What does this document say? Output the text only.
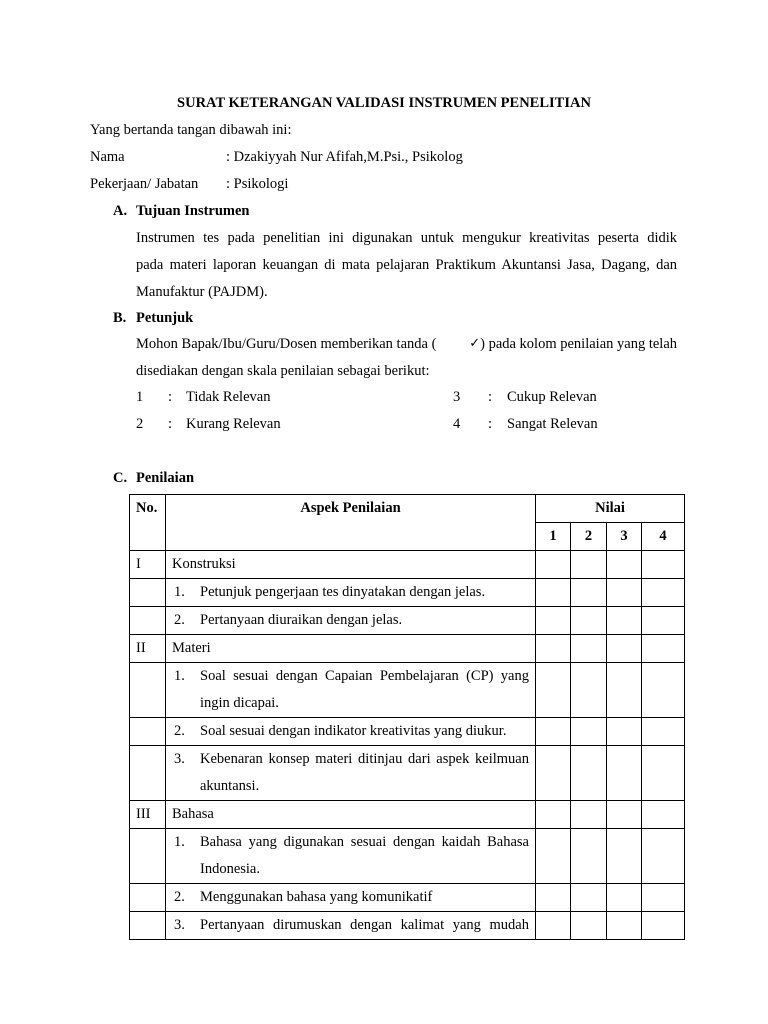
SURAT KETERANGAN VALIDASI INSTRUMEN PENELITIAN
Yang bertanda tangan dibawah ini:
Nama	: Dzakiyyah Nur Afifah,M.Psi., Psikolog
Pekerjaan/ Jabatan : Psikologi
A. Tujuan Instrumen
Instrumen tes pada penelitian ini digunakan untuk mengukur kreativitas peserta didik
pada materi laporan keuangan di mata pelajaran Praktikum Akuntansi Jasa, Dagang, dan
Manufaktur (PAJDM).
B. Petunjuk
Mohon Bapak/Ibu/Guru/Dosen memberikan tanda (	✓ ) pada kolom penilaian yang telah
disediakan dengan skala penilaian sebagai berikut:
1 : Tidak Relevan
2 : Kurang Relevan
3 : Cukup Relevan
4 : Sangat Relevan
C. Penilaian
No.	Aspek Penilaian	Nilai			
		1	2	3	4
I	Konstruksi				

	1. Petunjuk pengerjaan tes dinyatakan dengan jelas.				

	2. Pertanyaan diuraikan dengan jelas.				

II	Materi				

	1. Soal sesuai dengan Capaian Pembelajaran (CP) yang
ingin dicapai.				

	2. Soal sesuai dengan indikator kreativitas yang diukur.				

	3. Kebenaran konsep materi ditinjau dari aspek keilmuan
akuntansi.				

III	Bahasa				

	1. Bahasa yang digunakan sesuai dengan kaidah Bahasa
Indonesia.				

	2. Menggunakan bahasa yang komunikatif				

	3. Pertanyaan dirumuskan dengan kalimat yang mudah				
